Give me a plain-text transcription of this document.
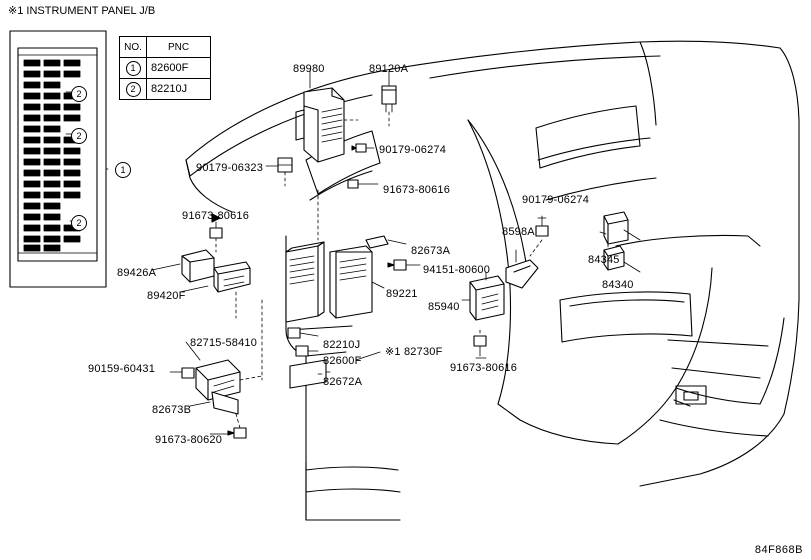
※1 INSTRUMENT PANEL J/B
84F868B
NO.	PNC
1	82600F
2	82210J
1
2
2
2
89980	89120A
90179-06274
90179-06323
91673-80616
90179-06274
91673-80616
8598A
84345
82673A
94151-80600
84340
89426A
89221
89420F
85940
82715-58410	82210J
※1 82730F
90159-60431
82600F
91673-80616
82672A
82673B
91673-80620
